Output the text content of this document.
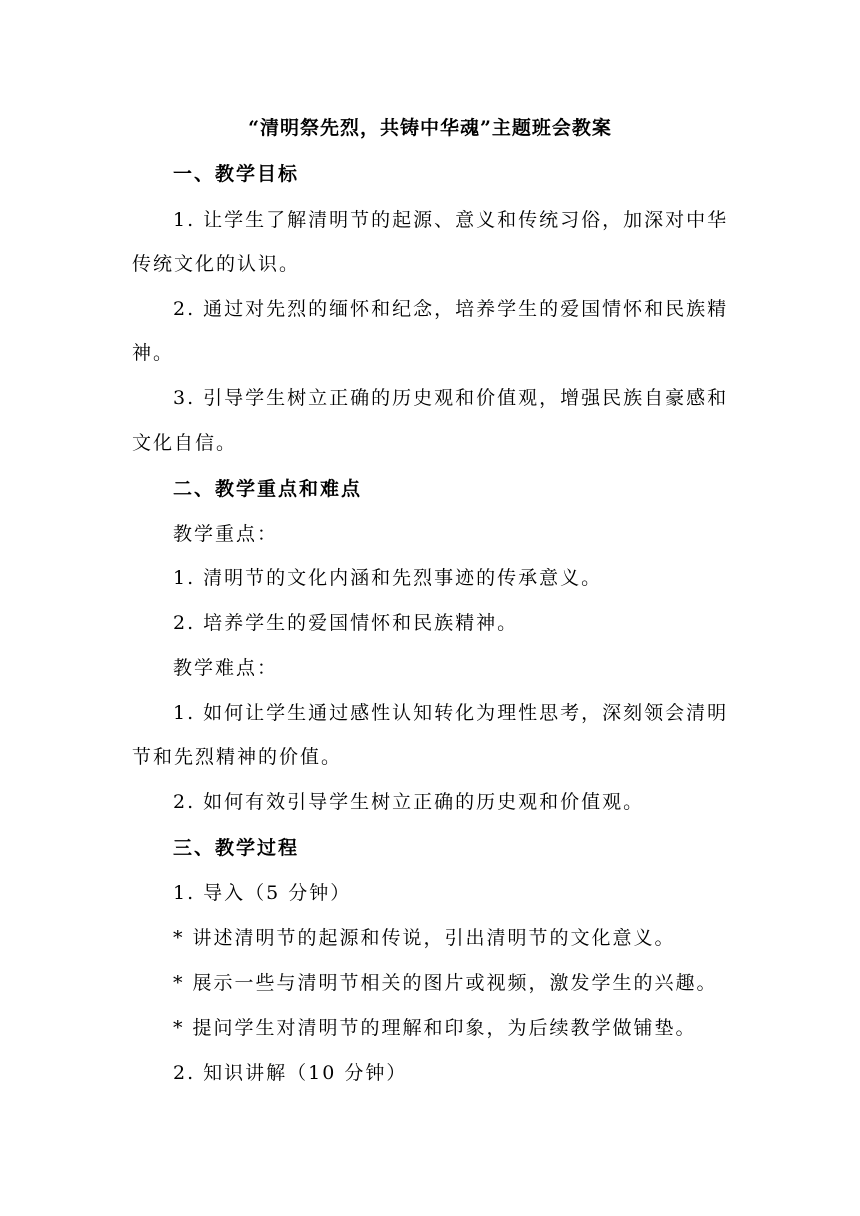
“清明祭先烈，共铸中华魂”主题班会教案
一、教学目标
1. 让学生了解清明节的起源、意义和传统习俗，加深对中华
传统文化的认识。
2. 通过对先烈的缅怀和纪念，培养学生的爱国情怀和民族精
神。
3. 引导学生树立正确的历史观和价值观，增强民族自豪感和
文化自信。
二、教学重点和难点
教学重点：
1. 清明节的文化内涵和先烈事迹的传承意义。
2. 培养学生的爱国情怀和民族精神。
教学难点：
1. 如何让学生通过感性认知转化为理性思考，深刻领会清明
节和先烈精神的价值。
2. 如何有效引导学生树立正确的历史观和价值观。
三、教学过程
1. 导入（5 分钟）
* 讲述清明节的起源和传说，引出清明节的文化意义。
* 展示一些与清明节相关的图片或视频，激发学生的兴趣。
* 提问学生对清明节的理解和印象，为后续教学做铺垫。
2. 知识讲解（10 分钟）
